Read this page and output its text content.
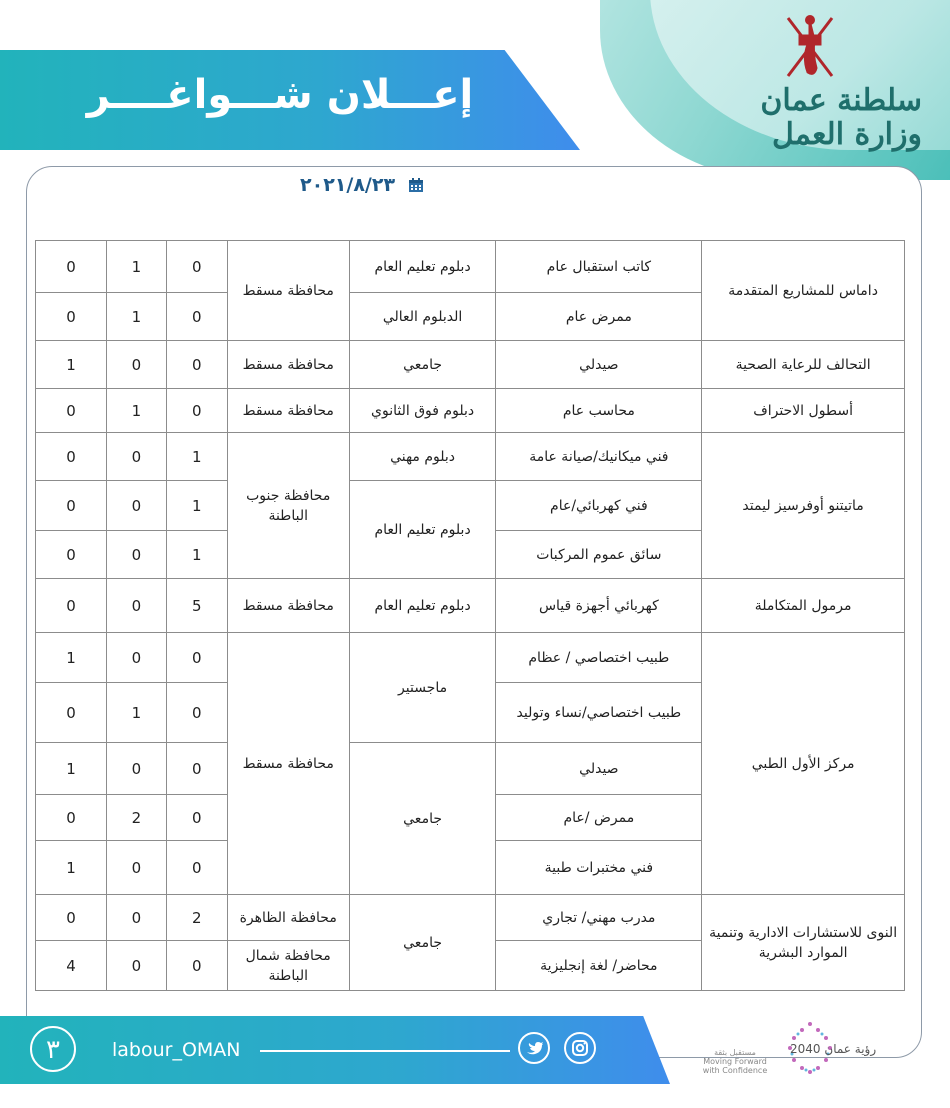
سلطنة عمان
وزارة العمل
إعـــلان شـــواغــــر
٢٠٢١/٨/٢٣
داماس للمشاريع المتقدمة	كاتب استقبال عام	دبلوم تعليم العام	محافظة مسقط	0	1	0
	ممرض عام	الدبلوم العالي		0	1	0
التحالف للرعاية الصحية	صيدلي	جامعي	محافظة مسقط	0	0	1
أسطول الاحتراف	محاسب عام	دبلوم فوق الثانوي	محافظة مسقط	0	1	0
ماتيتنو أوفرسيز ليمتد	فني ميكانيك/صيانة عامة	دبلوم مهني	محافظة جنوب الباطنة	1	0	0
	فني كهربائي/عام	دبلوم تعليم العام		1	0	0
	سائق عموم المركبات			1	0	0
مرمول المتكاملة	كهربائي أجهزة قياس	دبلوم تعليم العام	محافظة مسقط	5	0	0
مركز الأول الطبي	طبيب اختصاصي / عظام	ماجستير	محافظة مسقط	0	0	1
	طبيب اختصاصي/نساء وتوليد			0	1	0
	صيدلي	جامعي		0	0	1
	ممرض /عام			0	2	0
	فني مختبرات طبية			0	0	1
النوى للاستشارات الادارية وتنمية الموارد البشرية	مدرب مهني/ تجاري	جامعي	محافظة الظاهرة	2	0	0
	محاضر/ لغة إنجليزية		محافظة شمال الباطنة	0	0	4
٣	labour_OMAN	رؤية عمان 2040
مستقبل بثقة Moving Forward with Confidence
